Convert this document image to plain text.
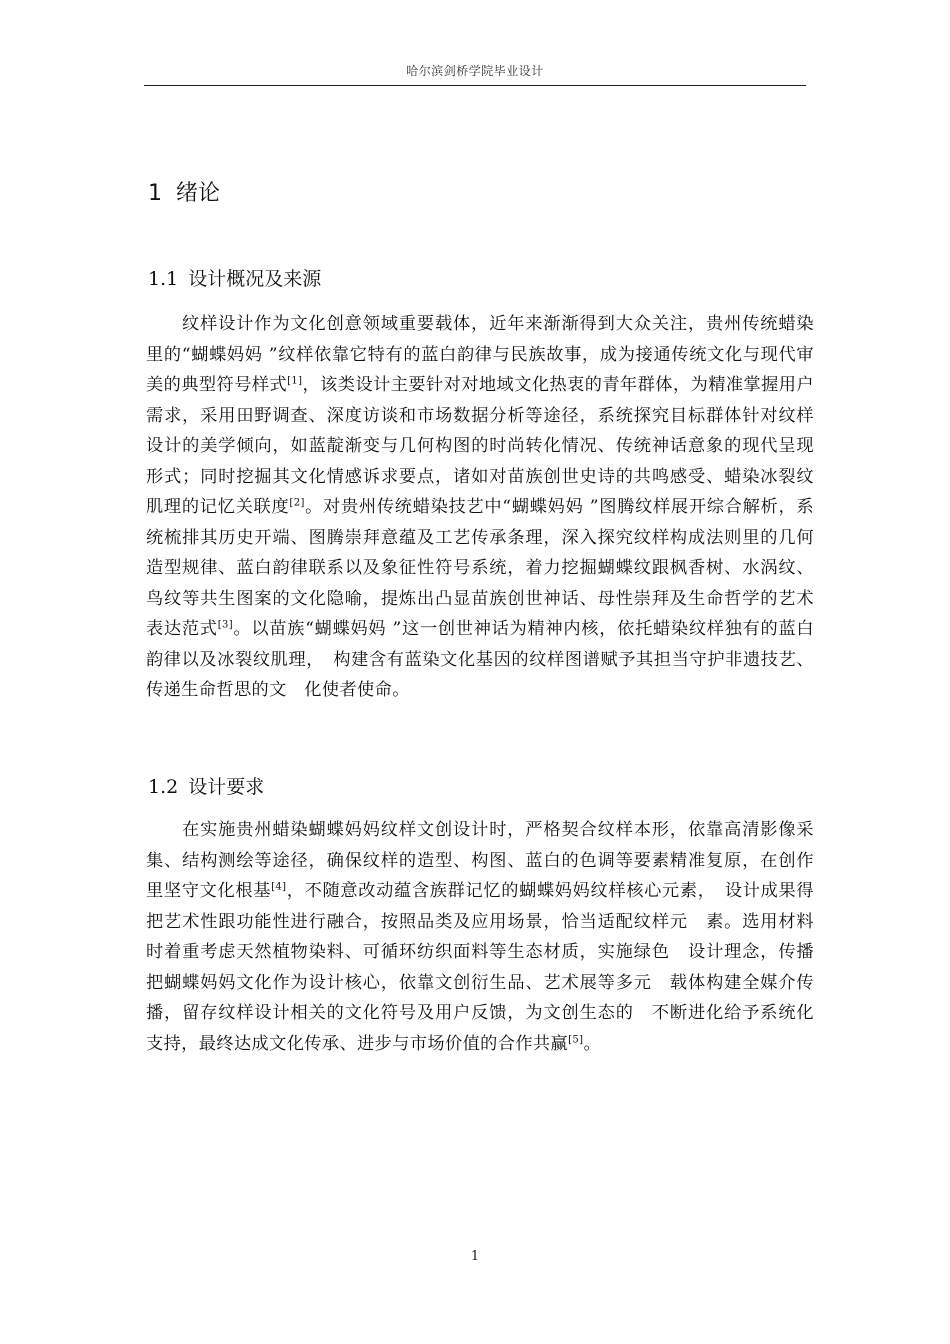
哈尔滨剑桥学院毕业设计
1 绪论
1.1 设计概况及来源

纹样设计作为文化创意领域重要载体，近年来渐渐得到大众关注，贵州传统蜡染里的“蝴蝶妈妈 ”纹样依靠它特有的蓝白韵律与民族故事，成为接通传统文化与现代审美的典型符号样式[1]，该类设计主要针对对地域文化热衷的青年群体，为精准掌握用户需求，采用田野调查、深度访谈和市场数据分析等途径，系统探究目标群体针对纹样设计的美学倾向，如蓝靛渐变与几何构图的时尚转化情况、传统神话意象的现代呈现形式；同时挖掘其文化情感诉求要点，诸如对苗族创世史诗的共鸣感受、蜡染冰裂纹肌理的记忆关联度[2]。对贵州传统蜡染技艺中“蝴蝶妈妈 ”图腾纹样展开综合解析，系统梳排其历史开端、图腾崇拜意蕴及工艺传承条理，深入探究纹样构成法则里的几何造型规律、蓝白韵律联系以及象征性符号系统，着力挖掘蝴蝶纹跟枫香树、水涡纹、鸟纹等共生图案的文化隐喻，提炼出凸显苗族创世神话、母性崇拜及生命哲学的艺术表达范式[3]。以苗族“蝴蝶妈妈 ”这一创世神话为精神内核，依托蜡染纹样独有的蓝白韵律以及冰裂纹肌理，　构建含有蓝染文化基因的纹样图谱赋予其担当守护非遗技艺、传递生命哲思的文　化使者使命。

1.2 设计要求

在实施贵州蜡染蝴蝶妈妈纹样文创设计时，严格契合纹样本形，依靠高清影像采集、结构测绘等途径，确保纹样的造型、构图、蓝白的色调等要素精准复原，在创作里坚守文化根基[4]，不随意改动蕴含族群记忆的蝴蝶妈妈纹样核心元素，　设计成果得把艺术性跟功能性进行融合，按照品类及应用场景，恰当适配纹样元　素。选用材料时着重考虑天然植物染料、可循环纺织面料等生态材质，实施绿色　设计理念，传播把蝴蝶妈妈文化作为设计核心，依靠文创衍生品、艺术展等多元　载体构建全媒介传播，留存纹样设计相关的文化符号及用户反馈，为文创生态的　不断进化给予系统化支持，最终达成文化传承、进步与市场价值的合作共赢[5]。

1
